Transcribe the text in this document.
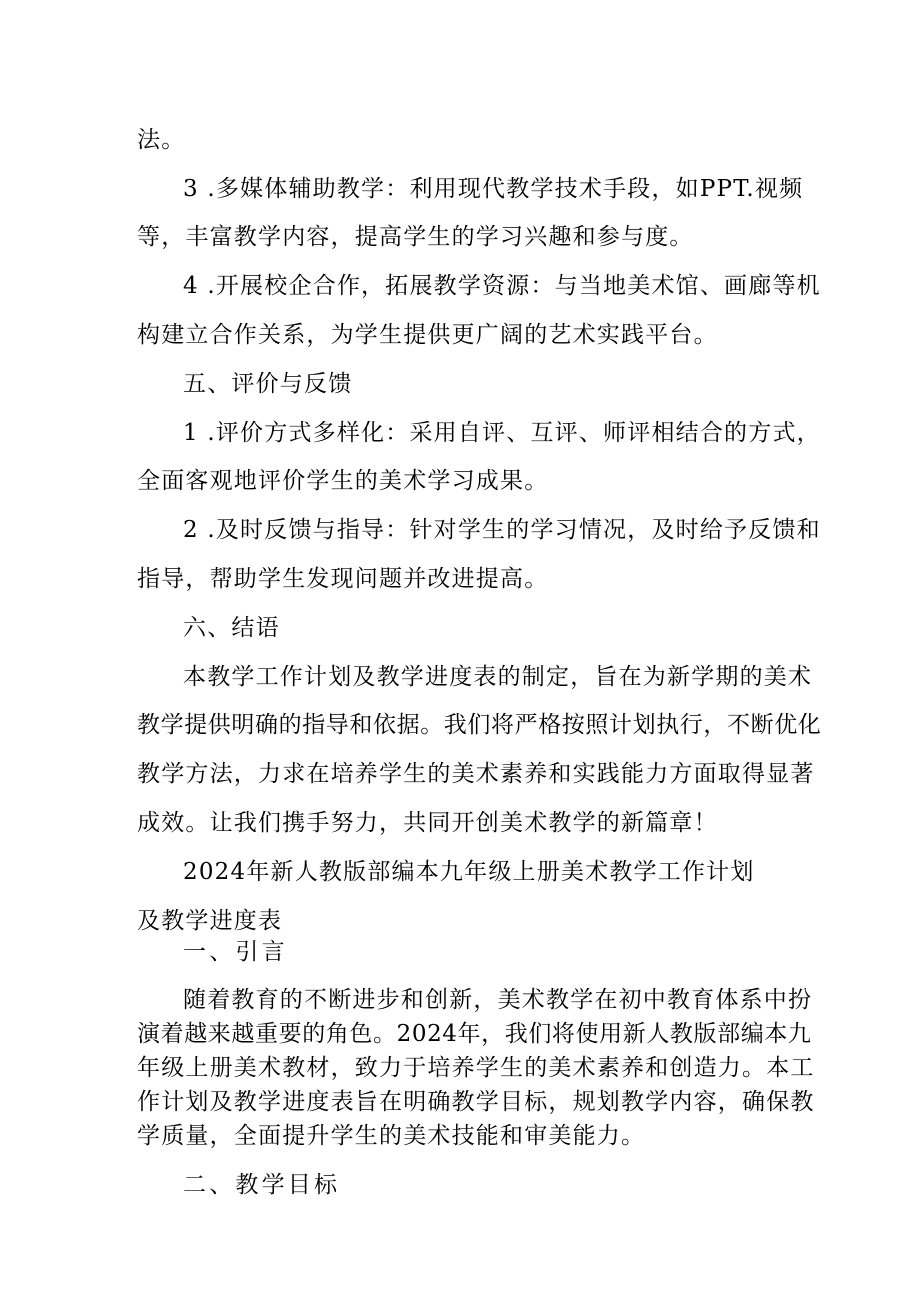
法。
3 .多媒体辅助教学：利用现代教学技术手段，如PPT.视频
等，丰富教学内容，提高学生的学习兴趣和参与度。
4 .开展校企合作，拓展教学资源：与当地美术馆、画廊等机
构建立合作关系，为学生提供更广阔的艺术实践平台。
五、评价与反馈
1 .评价方式多样化：采用自评、互评、师评相结合的方式，
全面客观地评价学生的美术学习成果。
2 .及时反馈与指导：针对学生的学习情况，及时给予反馈和
指导，帮助学生发现问题并改进提高。
六、结语
本教学工作计划及教学进度表的制定，旨在为新学期的美术
教学提供明确的指导和依据。我们将严格按照计划执行，不断优化
教学方法，力求在培养学生的美术素养和实践能力方面取得显著
成效。让我们携手努力，共同开创美术教学的新篇章！
2024年新人教版部编本九年级上册美术教学工作计划
及教学进度表
一、引言
随着教育的不断进步和创新，美术教学在初中教育体系中扮
演着越来越重要的角色。2024年，我们将使用新人教版部编本九
年级上册美术教材，致力于培养学生的美术素养和创造力。本工
作计划及教学进度表旨在明确教学目标，规划教学内容，确保教
学质量，全面提升学生的美术技能和审美能力。
二、教学目标
